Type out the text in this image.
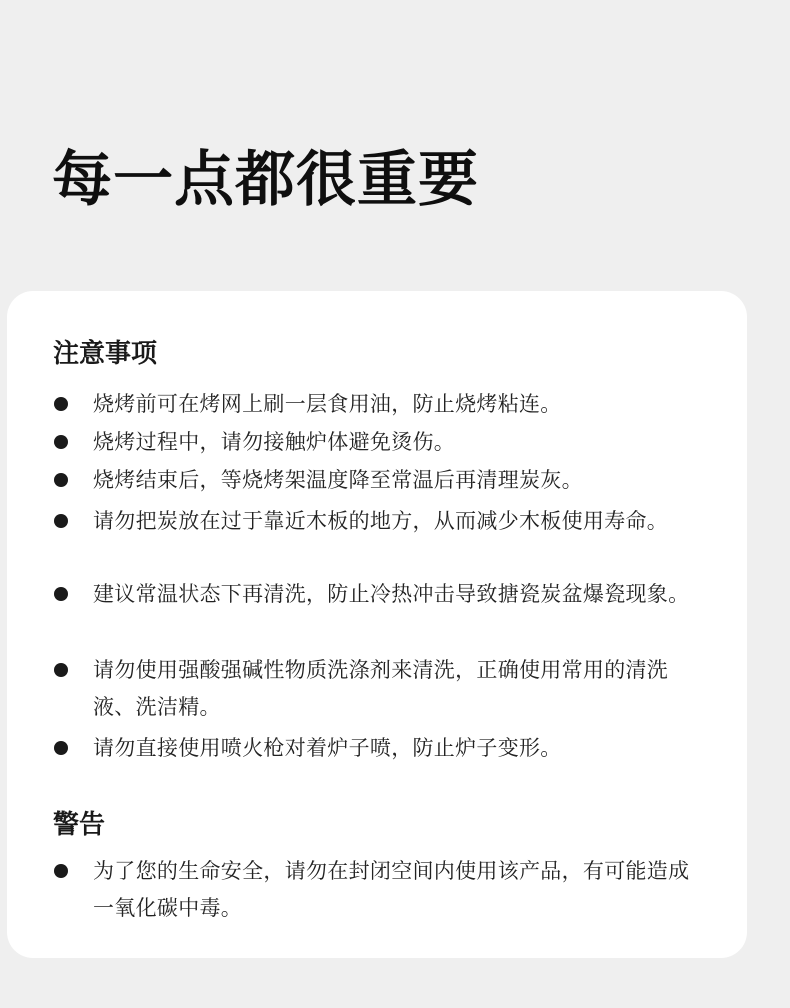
每一点都很重要
注意事项
烧烤前可在烤网上刷一层食用油，防止烧烤粘连。
烧烤过程中，请勿接触炉体避免烫伤。
烧烤结束后，等烧烤架温度降至常温后再清理炭灰。
请勿把炭放在过于靠近木板的地方，从而减少木板使用寿命。
建议常温状态下再清洗，防止冷热冲击导致搪瓷炭盆爆瓷现象。
请勿使用强酸强碱性物质洗涤剂来清洗，正确使用常用的清洗液、洗洁精。
请勿直接使用喷火枪对着炉子喷，防止炉子变形。
警告
为了您的生命安全，请勿在封闭空间内使用该产品，有可能造成一氧化碳中毒。
